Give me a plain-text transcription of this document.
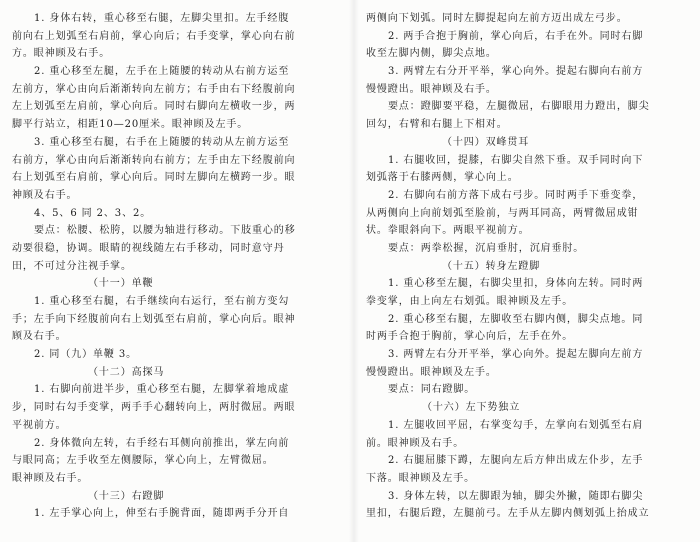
1. 身体右转，重心移至右腿，左脚尖里扣。左手经腹
前向右上划弧至右肩前，掌心向后；右手变掌，掌心向右前
方。眼神顾及右手。
2. 重心移至左腿，左手在上随腰的转动从右前方运至
左前方，掌心由向后渐渐转向左前方；右手由右下经腹前向
左上划弧至左肩前，掌心向后。同时右脚向左横收一步，两
脚平行站立，相距10—20厘米。眼神顾及左手。
3. 重心移至右腿，右手在上随腰的转动从左前方运至
右前方，掌心由向后渐渐转向右前方；左手由左下经腹前向
右上划弧至右肩前，掌心向后。同时左脚向左横跨一步。眼
神顾及右手。
4、5、6 同 2、3、2。
要点：松腰、松胯，以腰为轴进行移动。下肢重心的移
动要很稳，协调。眼睛的视线随左右手移动，同时意守丹
田，不可过分注视手掌。
（十一）单鞭
1. 重心移至右腿，右手继续向右运行，至右前方变勾
手；左手向下经腹前向右上划弧至右肩前，掌心向后。眼神
顾及右手。
2. 同（九）单鞭 3。
（十二）高探马
1. 右脚向前进半步，重心移至右腿，左脚掌着地成虚
步，同时右勾手变掌，两手手心翻转向上，两肘微屈。两眼
平视前方。
2. 身体微向左转，右手经右耳侧向前推出，掌左向前
与眼同高；左手收至左侧腰际，掌心向上，左臂微屈。
眼神顾及右手。
（十三）右蹬脚
1. 左手掌心向上，伸至右手腕背面，随即两手分开自
两侧向下划弧。同时左脚提起向左前方迈出成左弓步。
2. 两手合抱于胸前，掌心向后，右手在外。同时右脚
收至左脚内侧，脚尖点地。
3. 两臂左右分开平举，掌心向外。提起右脚向右前方
慢慢蹬出。眼神顾及右手。
要点：蹬脚要平稳，左腿微屈，右脚眼用力蹬出，脚尖
回勾，右臂和右腿上下相对。
（十四）双峰贯耳
1. 右腿收回，提膝，右脚尖自然下垂。双手同时向下
划弧落于右膝两侧，掌心向上。
2. 右脚向右前方落下成右弓步。同时两手下垂变拳，
从两侧向上向前划弧至脸前，与两耳同高，两臂微屈成钳
状。拳眼斜向下。两眼平视前方。
要点：两拳松握，沉肩垂肘，沉肩垂肘。
（十五）转身左蹬脚
1. 重心移至左腿，右脚尖里扣，身体向左转。同时两
拳变掌，由上向左右划弧。眼神顾及左手。
2. 重心移至右腿，左脚收至右脚内侧，脚尖点地。同
时两手合抱于胸前，掌心向后，左手在外。
3. 两臂左右分开平举，掌心向外。提起左脚向左前方
慢慢蹬出。眼神顾及左手。
要点：同右蹬脚。
（十六）左下势独立
1. 左腿收回平屈，右掌变勾手，左掌向右划弧至右肩
前。眼神顾及右手。
2. 右腿屈膝下蹲，左腿向左后方伸出成左仆步，左手
下落。眼神顾及左手。
3. 身体左转，以左脚跟为轴，脚尖外撇，随即右脚尖
里扣，右腿后蹬，左腿前弓。左手从左脚内侧划弧上抬成立
